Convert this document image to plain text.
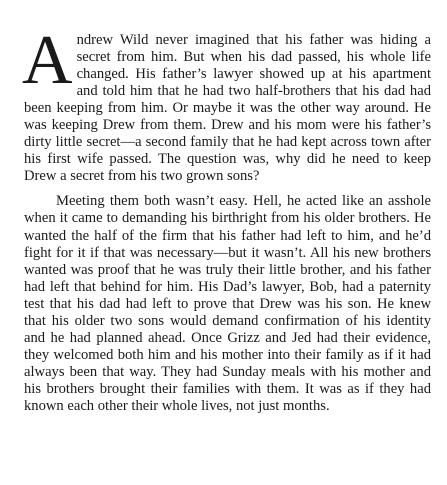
Andrew Wild never imagined that his father was hiding a secret from him. But when his dad passed, his whole life changed. His father’s lawyer showed up at his apartment and told him that he had two half-brothers that his dad had been keeping from him. Or maybe it was the other way around. He was keeping Drew from them. Drew and his mom were his father’s dirty little secret—a second family that he had kept across town after his first wife passed. The question was, why did he need to keep Drew a secret from his two grown sons?

Meeting them both wasn’t easy. Hell, he acted like an asshole when it came to demanding his birthright from his older brothers. He wanted the half of the firm that his father had left to him, and he’d fight for it if that was necessary—but it wasn’t. All his new brothers wanted was proof that he was truly their little brother, and his father had left that behind for him. His Dad’s lawyer, Bob, had a paternity test that his dad had left to prove that Drew was his son. He knew that his older two sons would demand confirmation of his identity and he had planned ahead. Once Grizz and Jed had their evidence, they welcomed both him and his mother into their family as if it had always been that way. They had Sunday meals with his mother and his brothers brought their families with them. It was as if they had known each other their whole lives, not just months.
